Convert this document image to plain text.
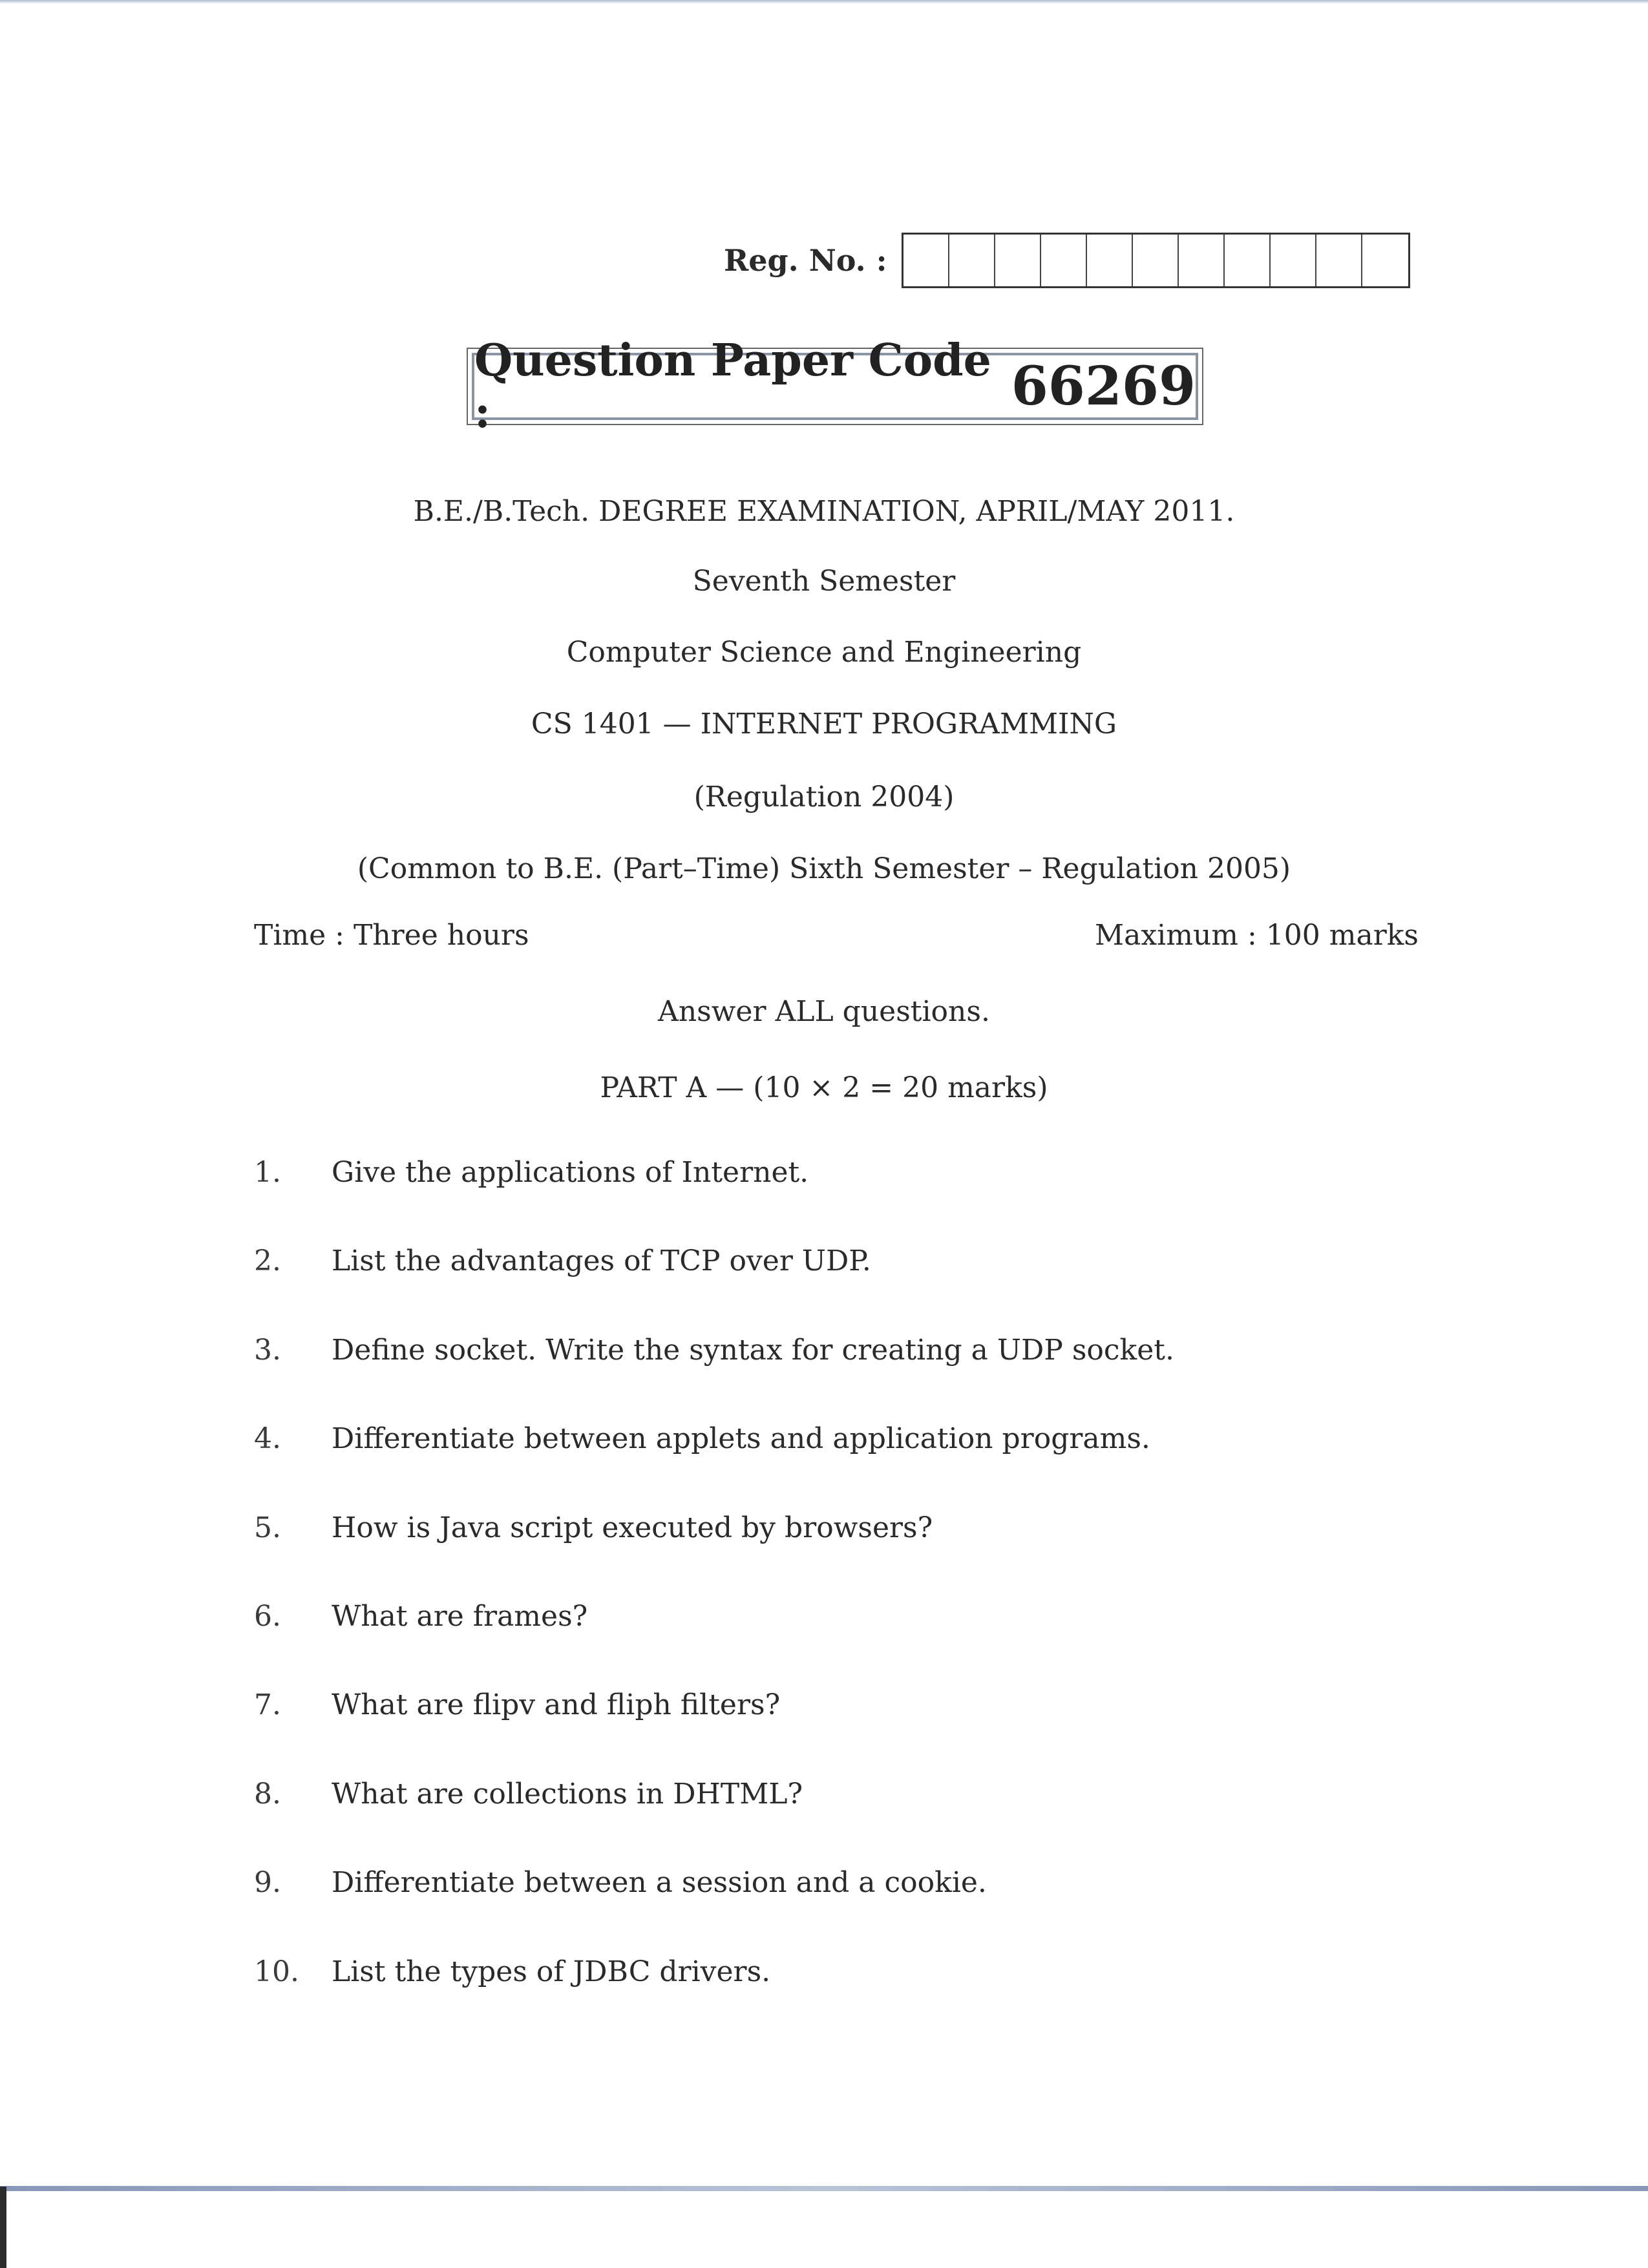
Reg. No. :
Question Paper Code :	66269
B.E./B.Tech. DEGREE EXAMINATION, APRIL/MAY 2011.
Seventh Semester
Computer Science and Engineering
CS 1401 — INTERNET PROGRAMMING
(Regulation 2004)
(Common to B.E. (Part–Time) Sixth Semester – Regulation 2005)
Time : Three hours	Maximum : 100 marks
Answer ALL questions.
PART A — (10 × 2 = 20 marks)
1.	Give the applications of Internet.
2.	List the advantages of TCP over UDP.
3.	Define socket. Write the syntax for creating a UDP socket.
4.	Differentiate between applets and application programs.
5.	How is Java script executed by browsers?
6.	What are frames?
7.	What are flipv and fliph filters?
8.	What are collections in DHTML?
9.	Differentiate between a session and a cookie.
10.	List the types of JDBC drivers.
